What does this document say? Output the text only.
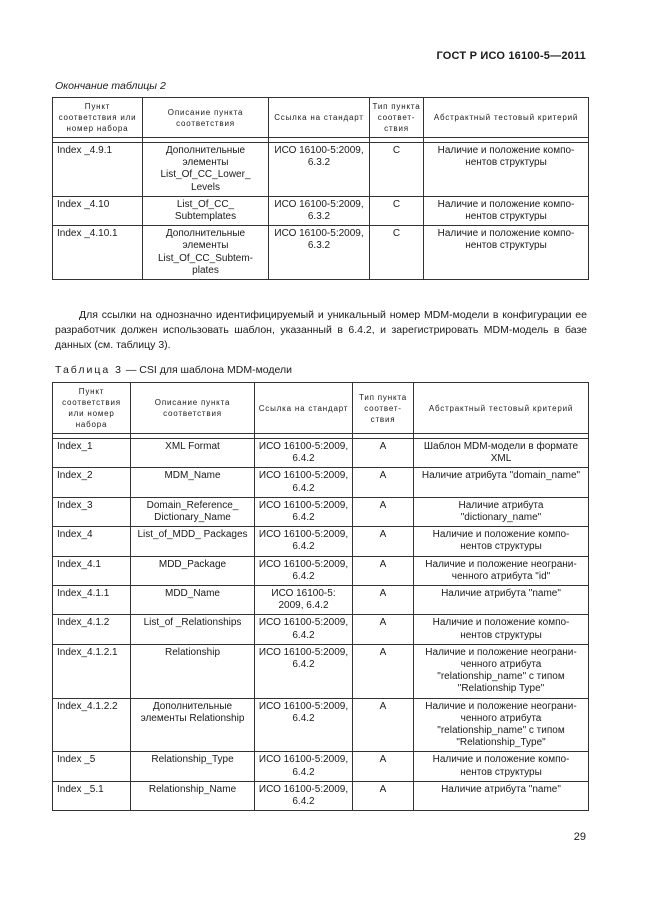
ГОСТ Р ИСО 16100-5—2011
Окончание таблицы 2
Пункт соответствия или номер набора	Описание пункта соответствия	Ссылка на стандарт	Тип пункта соответ-ствия	Абстрактный тестовый критерий

Index _4.9.1	Дополнительные элементы List_Of_CC_Lower_ Levels	ИСО 16100-5:2009, 6.3.2	C	Наличие и положение компо-нентов структуры
Index _4.10	List_Of_CC_ Subtemplates	ИСО 16100-5:2009, 6.3.2	C	Наличие и положение компо-нентов структуры
Index _4.10.1	Дополнительные элементы List_Of_CC_Subtem-plates	ИСО 16100-5:2009, 6.3.2	C	Наличие и положение компо-нентов структуры
Для ссылки на однозначно идентифицируемый и уникальный номер MDM-модели в конфигурации ее разработчик должен использовать шаблон, указанный в 6.4.2, и зарегистрировать MDM-модель в базе данных (см. таблицу 3).
Таблица 3 — CSI для шаблона MDM-модели
Пункт соответствия или номер набора	Описание пункта соответствия	Ссылка на стандарт	Тип пункта соответ-ствия	Абстрактный тестовый критерий

Index_1	XML Format	ИСО 16100-5:2009, 6.4.2	A	Шаблон MDM-модели в формате XML
Index_2	MDM_Name	ИСО 16100-5:2009, 6.4.2	A	Наличие атрибута "domain_name"
Index_3	Domain_Reference_ Dictionary_Name	ИСО 16100-5:2009, 6.4.2	A	Наличие атрибута "dictionary_name"
Index_4	List_of_MDD_ Packages	ИСО 16100-5:2009, 6.4.2	A	Наличие и положение компо-нентов структуры
Index_4.1	MDD_Package	ИСО 16100-5:2009, 6.4.2	A	Наличие и положение неограни-ченного атрибута "id"
Index_4.1.1	MDD_Name	ИСО 16100-5: 2009, 6.4.2	A	Наличие атрибута "name"
Index_4.1.2	List_of _Relationships	ИСО 16100-5:2009, 6.4.2	A	Наличие и положение компо-нентов структуры
Index_4.1.2.1	Relationship	ИСО 16100-5:2009, 6.4.2	A	Наличие и положение неограни-ченного атрибута "relationship_name" с типом "Relationship Type"
Index_4.1.2.2	Дополнительные элементы Relationship	ИСО 16100-5:2009, 6.4.2	A	Наличие и положение неограни-ченного атрибута "relationship_name" с типом "Relationship_Type"
Index _5	Relationship_Type	ИСО 16100-5:2009, 6.4.2	A	Наличие и положение компо-нентов структуры
Index _5.1	Relationship_Name	ИСО 16100-5:2009, 6.4.2	A	Наличие атрибута "name"
29
